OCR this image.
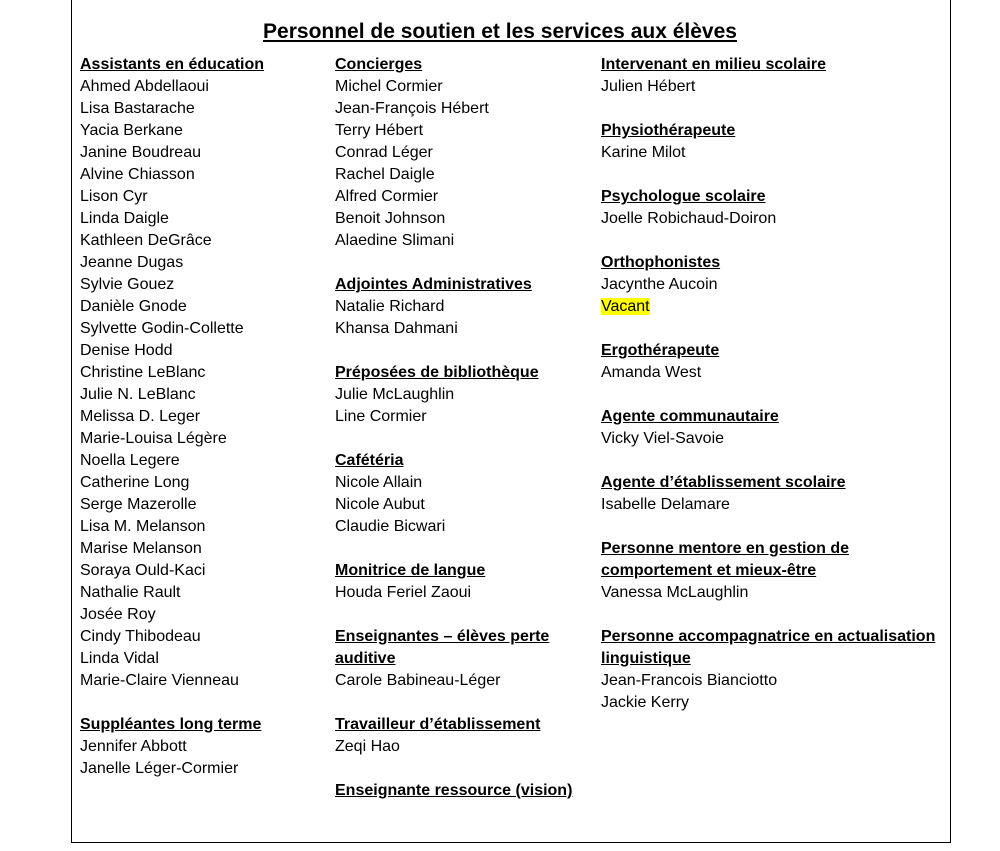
Personnel de soutien et les services aux élèves
Assistants en éducation
Ahmed Abdellaoui
Lisa Bastarache
Yacia Berkane
Janine Boudreau
Alvine Chiasson
Lison Cyr
Linda Daigle
Kathleen DeGrâce
Jeanne Dugas
Sylvie Gouez
Danièle Gnode
Sylvette Godin-Collette
Denise Hodd
Christine LeBlanc
Julie N. LeBlanc
Melissa D. Leger
Marie-Louisa Légère
Noella Legere
Catherine Long
Serge Mazerolle
Lisa M. Melanson
Marise Melanson
Soraya Ould-Kaci
Nathalie Rault
Josée Roy
Cindy Thibodeau
Linda Vidal
Marie-Claire Vienneau
Suppléantes long terme
Jennifer Abbott
Janelle Léger-Cormier
Concierges
Michel Cormier
Jean-François Hébert
Terry Hébert
Conrad Léger
Rachel Daigle
Alfred Cormier
Benoit Johnson
Alaedine Slimani
Adjointes Administratives
Natalie Richard
Khansa Dahmani
Préposées de bibliothèque
Julie McLaughlin
Line Cormier
Cafétéria
Nicole Allain
Nicole Aubut
Claudie Bicwari
Monitrice de langue
Houda Feriel Zaoui
Enseignantes – élèves perte auditive
Carole Babineau-Léger
Travailleur d’établissement
Zeqi Hao
Enseignante ressource (vision)
Intervenant en milieu scolaire
Julien Hébert
Physiothérapeute
Karine Milot
Psychologue scolaire
Joelle Robichaud-Doiron
Orthophonistes
Jacynthe Aucoin
Vacant
Ergothérapeute
Amanda West
Agente communautaire
Vicky Viel-Savoie
Agente d’établissement scolaire
Isabelle Delamare
Personne mentore en gestion de comportement et mieux-être
Vanessa McLaughlin
Personne accompagnatrice en actualisation linguistique
Jean-Francois Bianciotto
Jackie Kerry
